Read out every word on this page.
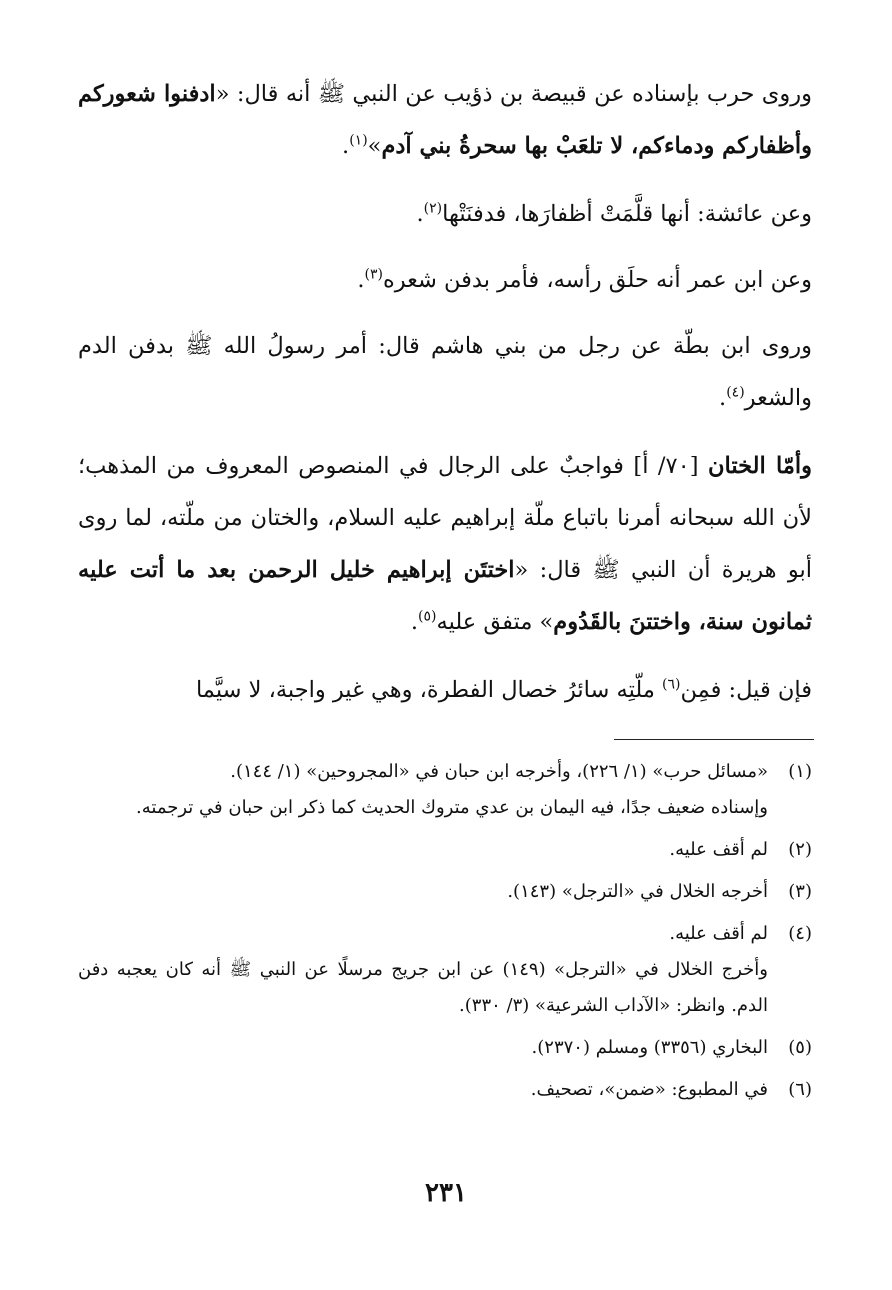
وروى حرب بإسناده عن قبيصة بن ذؤيب عن النبي ﷺ أنه قال: «ادفنوا شعوركم وأظفاركم ودماءكم، لا تلعَبْ بها سحرةُ بني آدم»$^{(١)}$.

وعن عائشة: أنها قلَّمَتْ أظفارَها، فدفنَتْها$^{(٢)}$.

وعن ابن عمر أنه حلَق رأسه، فأمر بدفن شعره$^{(٣)}$.

وروى ابن بطّة عن رجل من بني هاشم قال: أمر رسولُ الله ﷺ بدفن الدم والشعر$^{(٤)}$.

وأمّا الختان [٧٠/ أ] فواجبٌ على الرجال في المنصوص المعروف من المذهب؛ لأن الله سبحانه أمرنا باتباع ملّة إبراهيم عليه السلام، والختان من ملّته، لما روى أبو هريرة أن النبي ﷺ قال: «اختتَن إبراهيم خليل الرحمن بعد ما أتت عليه ثمانون سنة، واختتنَ بالقَدُوم» متفق عليه$^{(٥)}$.

فإن قيل: فمِن$^{(٦)}$ ملّتِه سائرُ خصال الفطرة، وهي غير واجبة، لا سيَّما

(١)

«مسائل حرب» (١/ ٢٢٦)، وأخرجه ابن حبان في «المجروحين» (١/ ١٤٤).

وإسناده ضعيف جدًا، فيه اليمان بن عدي متروك الحديث كما ذكر ابن حبان في ترجمته.

(٢)

لم أقف عليه.

(٣)

أخرجه الخلال في «الترجل» (١٤٣).

(٤)

لم أقف عليه.

وأخرج الخلال في «الترجل» (١٤٩) عن ابن جريج مرسلًا عن النبي ﷺ أنه كان يعجبه دفن الدم. وانظر: «الآداب الشرعية» (٣/ ٣٣٠).

(٥)

البخاري (٣٣٥٦) ومسلم (٢٣٧٠).

(٦)

في المطبوع: «ضمن»، تصحيف.

٢٣١
